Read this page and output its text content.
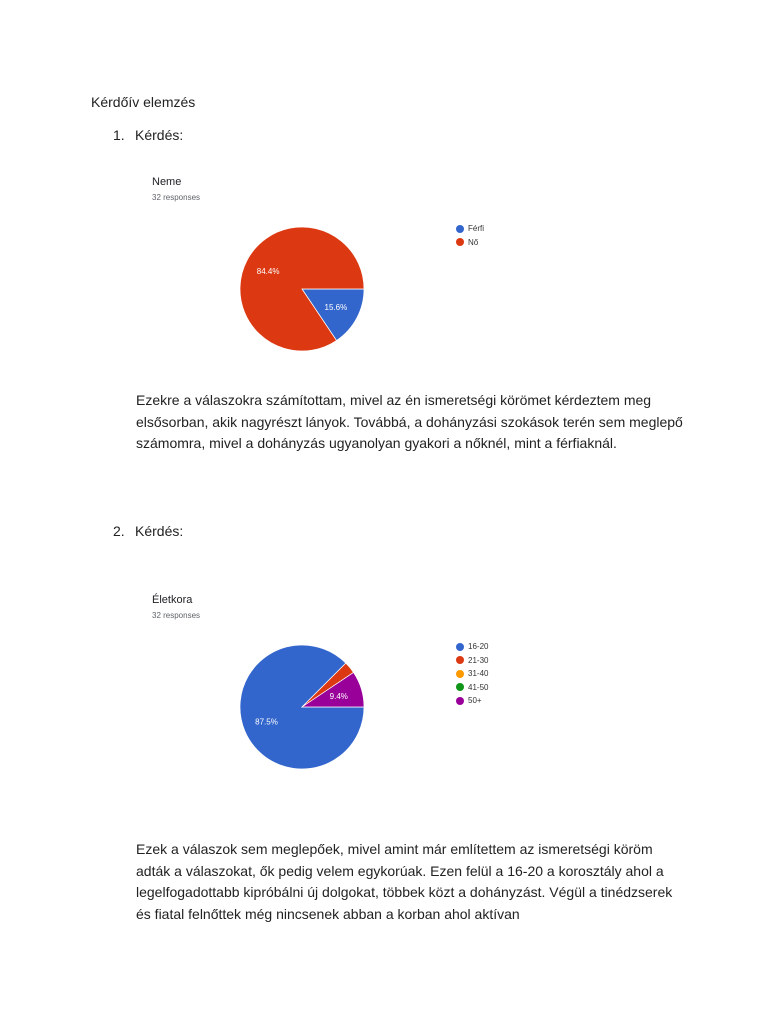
Kérdőív elemzés
1. Kérdés:
Neme
32 responses
15.6%
84.4%
Férfi
Nő

Ezekre a válaszokra számítottam, mivel az én ismeretségi körömet kérdeztem meg elsősorban, akik nagyrészt lányok. Továbbá, a dohányzási szokások terén sem meglepő számomra, mivel a dohányzás ugyanolyan gyakori a nőknél, mint a férfiaknál.

2. Kérdés:
Életkora
32 responses
87.5%
9.4%
16-20
21-30
31-40
41-50
50+

Ezek a válaszok sem meglepőek, mivel amint már említettem az ismeretségi köröm adták a válaszokat, ők pedig velem egykorúak. Ezen felül a 16-20 a korosztály ahol a legelfogadottabb kipróbálni új dolgokat, többek közt a dohányzást. Végül a tinédzserek és fiatal felnőttek még nincsenek abban a korban ahol aktívan
